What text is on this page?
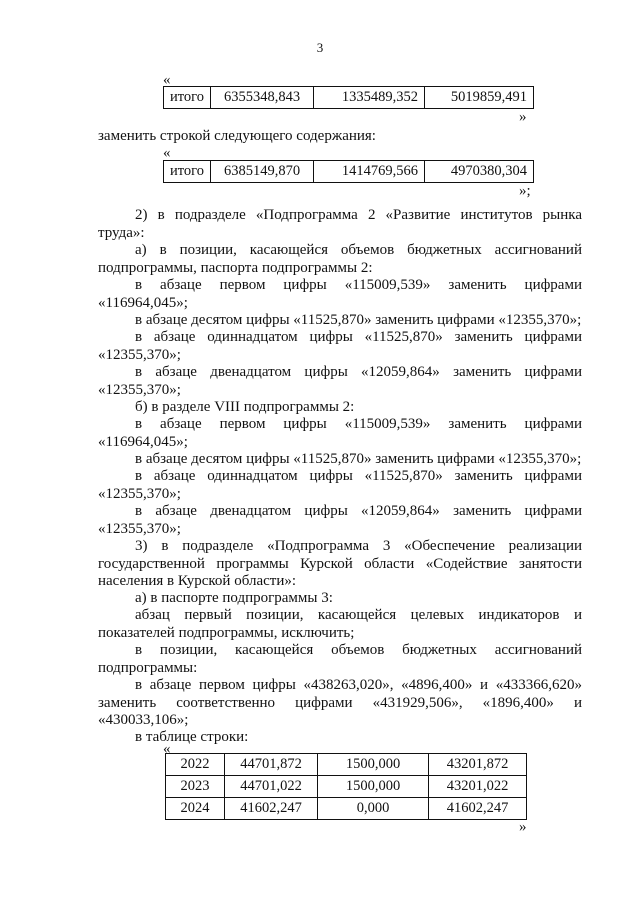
3
«
итого	6355348,843	1335489,352	5019859,491
»

заменить строкой следующего содержания:

«
итого	6385149,870	1414769,566	4970380,304
»;

2) в подразделе «Подпрограмма 2 «Развитие институтов рынка

труда»:

а) в позиции, касающейся объемов бюджетных ассигнований

подпрограммы, паспорта подпрограммы 2:

в абзаце первом цифры «115009,539» заменить цифрами

«116964,045»;

в абзаце десятом цифры «11525,870» заменить цифрами «12355,370»;

в абзаце одиннадцатом цифры «11525,870» заменить цифрами

«12355,370»;

в абзаце двенадцатом цифры «12059,864» заменить цифрами

«12355,370»;

б) в разделе VIII подпрограммы 2:

в абзаце первом цифры «115009,539» заменить цифрами

«116964,045»;

в абзаце десятом цифры «11525,870» заменить цифрами «12355,370»;

в абзаце одиннадцатом цифры «11525,870» заменить цифрами

«12355,370»;

в абзаце двенадцатом цифры «12059,864» заменить цифрами

«12355,370»;

3) в подразделе «Подпрограмма 3 «Обеспечение реализации

государственной программы Курской области «Содействие занятости

населения в Курской области»:

а) в паспорте подпрограммы 3:

абзац первый позиции, касающейся целевых индикаторов и

показателей подпрограммы, исключить;

в позиции, касающейся объемов бюджетных ассигнований

подпрограммы:

в абзаце первом цифры «438263,020», «4896,400» и «433366,620»

заменить соответственно цифрами «431929,506», «1896,400» и

«430033,106»;

в таблице строки:

«
2022	44701,872	1500,000	43201,872
2023	44701,022	1500,000	43201,022
2024	41602,247	0,000	41602,247
»
